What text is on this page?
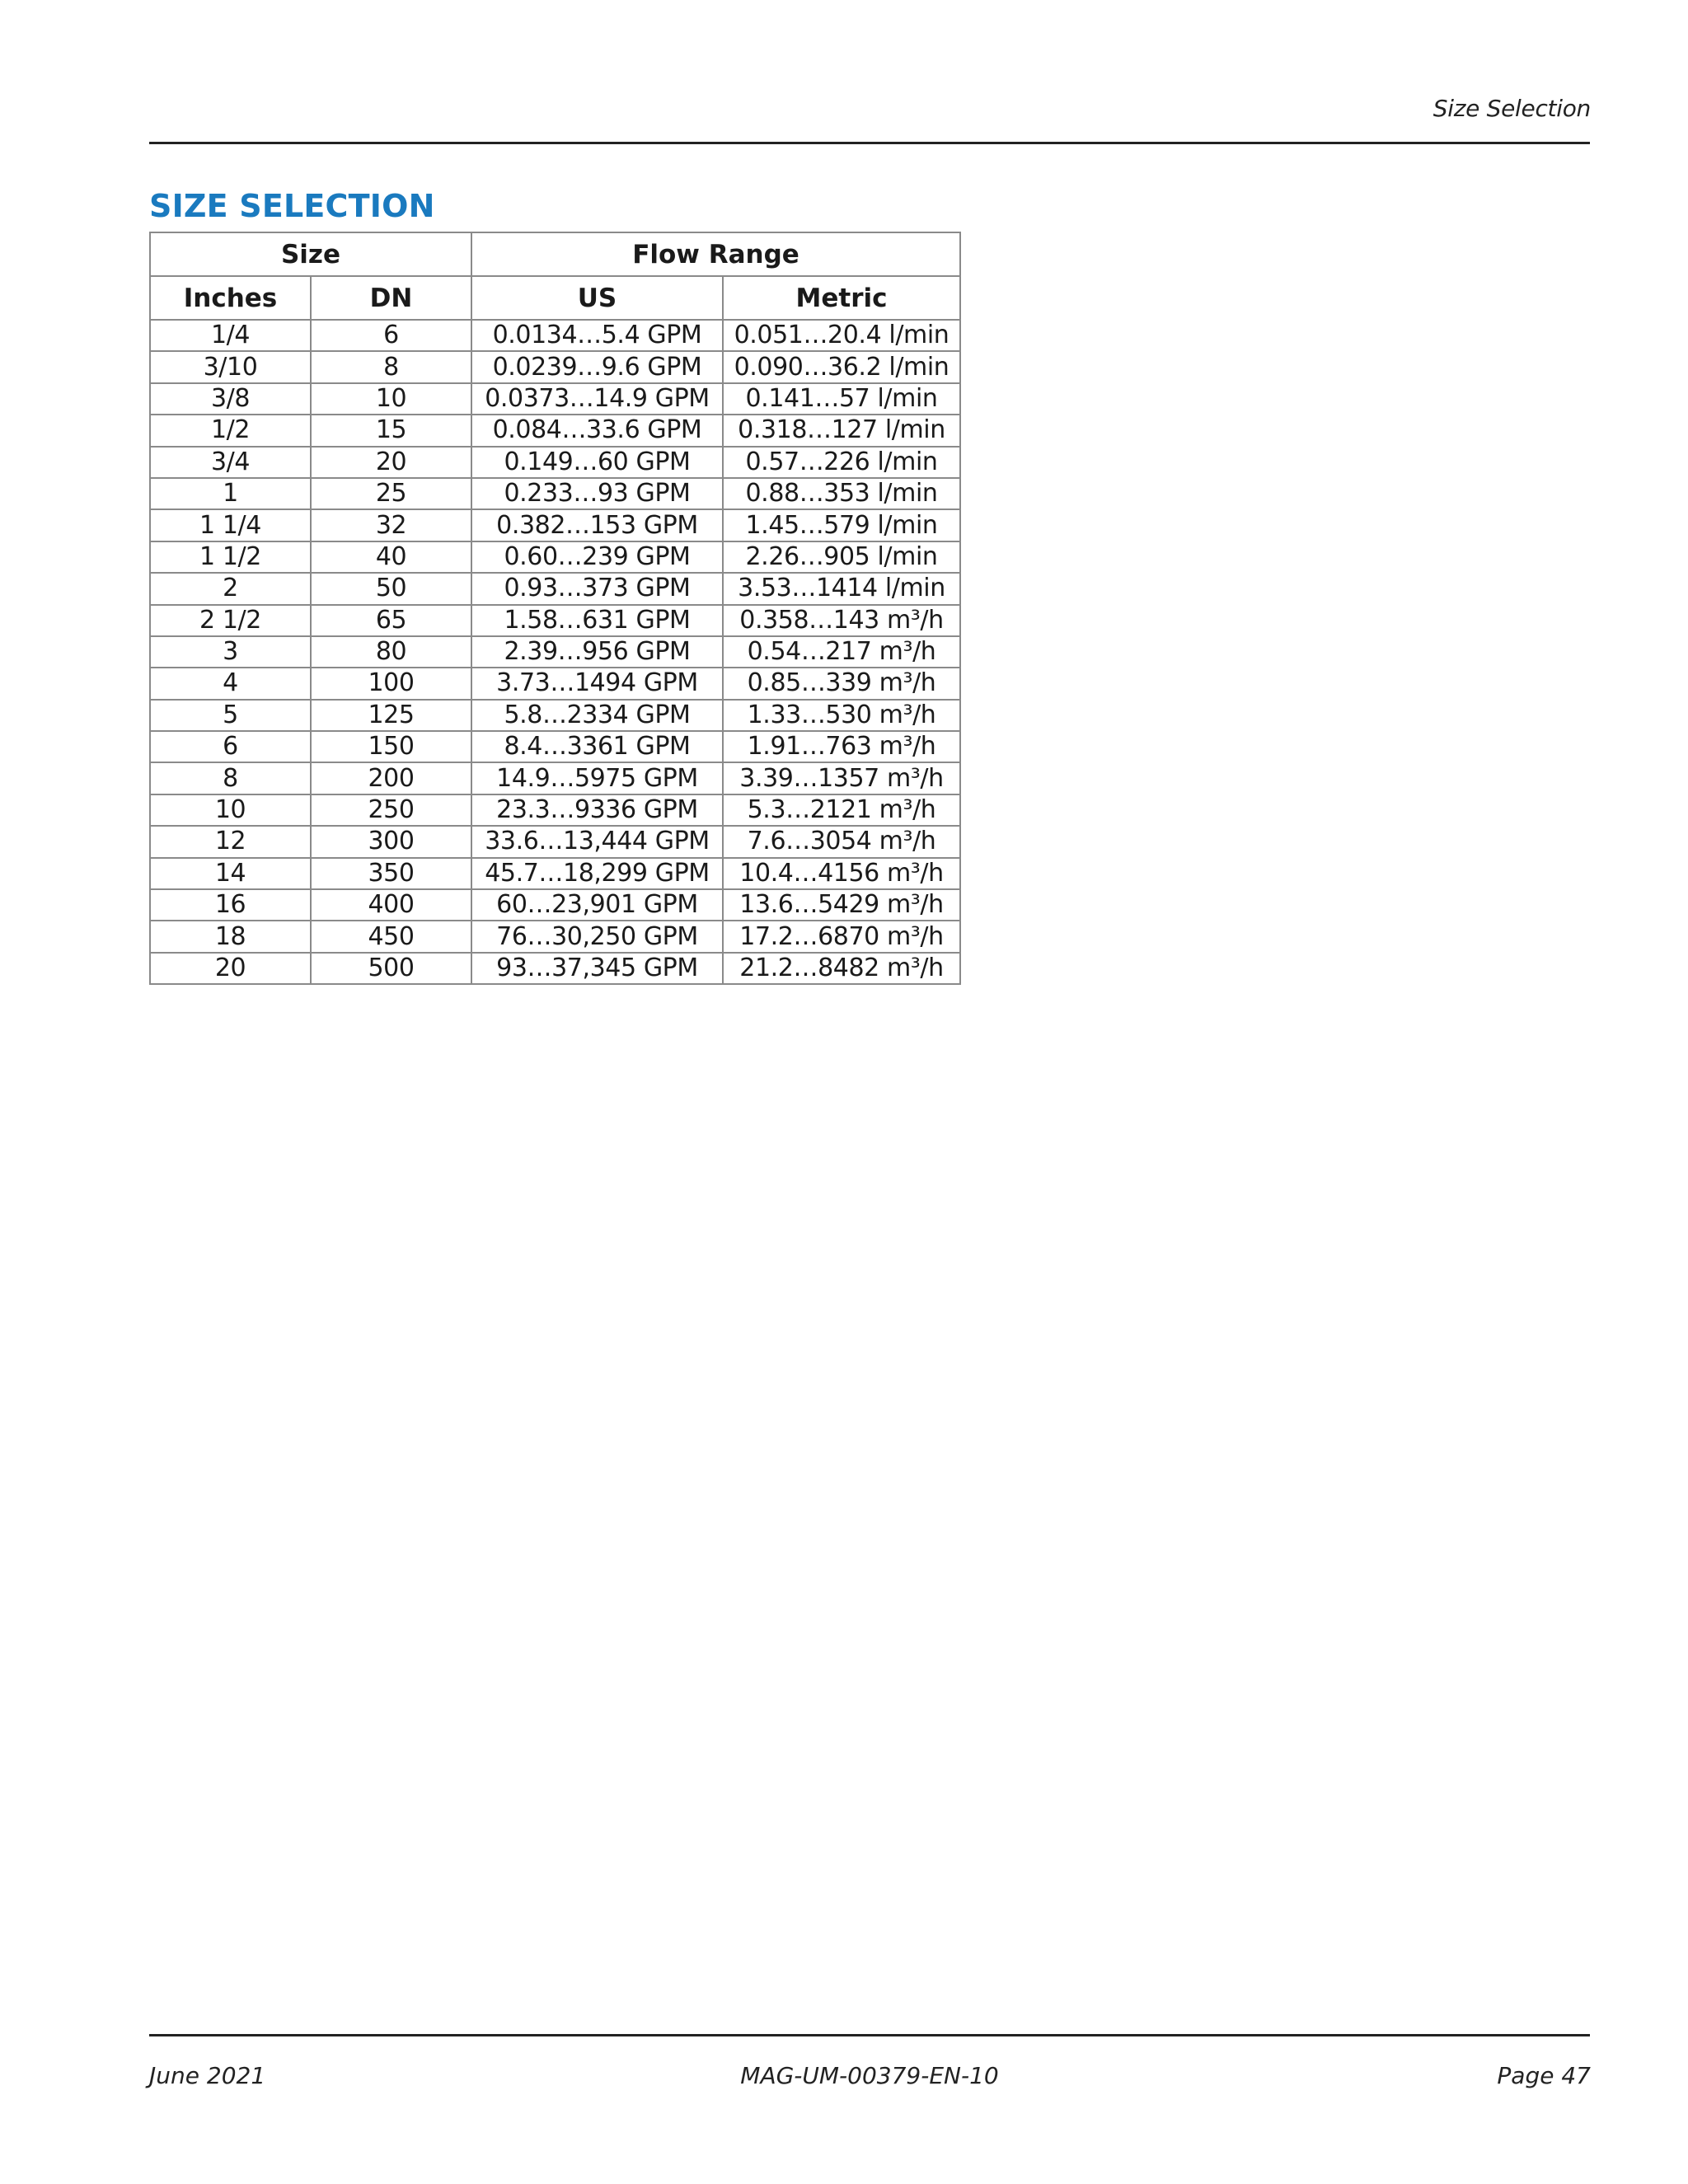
Size Selection
SIZE SELECTION
Size		Flow Range	
Inches	DN	US	Metric
1/4	6	0.0134…5.4 GPM	0.051…20.4 l/min
3/10	8	0.0239…9.6 GPM	0.090…36.2 l/min
3/8	10	0.0373…14.9 GPM	0.141…57 l/min
1/2	15	0.084…33.6 GPM	0.318…127 l/min
3/4	20	0.149…60 GPM	0.57…226 l/min
1	25	0.233…93 GPM	0.88…353 l/min
1 1/4	32	0.382…153 GPM	1.45…579 l/min
1 1/2	40	0.60…239 GPM	2.26…905 l/min
2	50	0.93…373 GPM	3.53…1414 l/min
2 1/2	65	1.58…631 GPM	0.358…143 m³/h
3	80	2.39…956 GPM	0.54…217 m³/h
4	100	3.73…1494 GPM	0.85…339 m³/h
5	125	5.8…2334 GPM	1.33…530 m³/h
6	150	8.4…3361 GPM	1.91…763 m³/h
8	200	14.9…5975 GPM	3.39…1357 m³/h
10	250	23.3…9336 GPM	5.3…2121 m³/h
12	300	33.6…13,444 GPM	7.6…3054 m³/h
14	350	45.7…18,299 GPM	10.4…4156 m³/h
16	400	60…23,901 GPM	13.6…5429 m³/h
18	450	76…30,250 GPM	17.2…6870 m³/h
20	500	93…37,345 GPM	21.2…8482 m³/h
June 2021	MAG-UM-00379-EN-10	Page 47
